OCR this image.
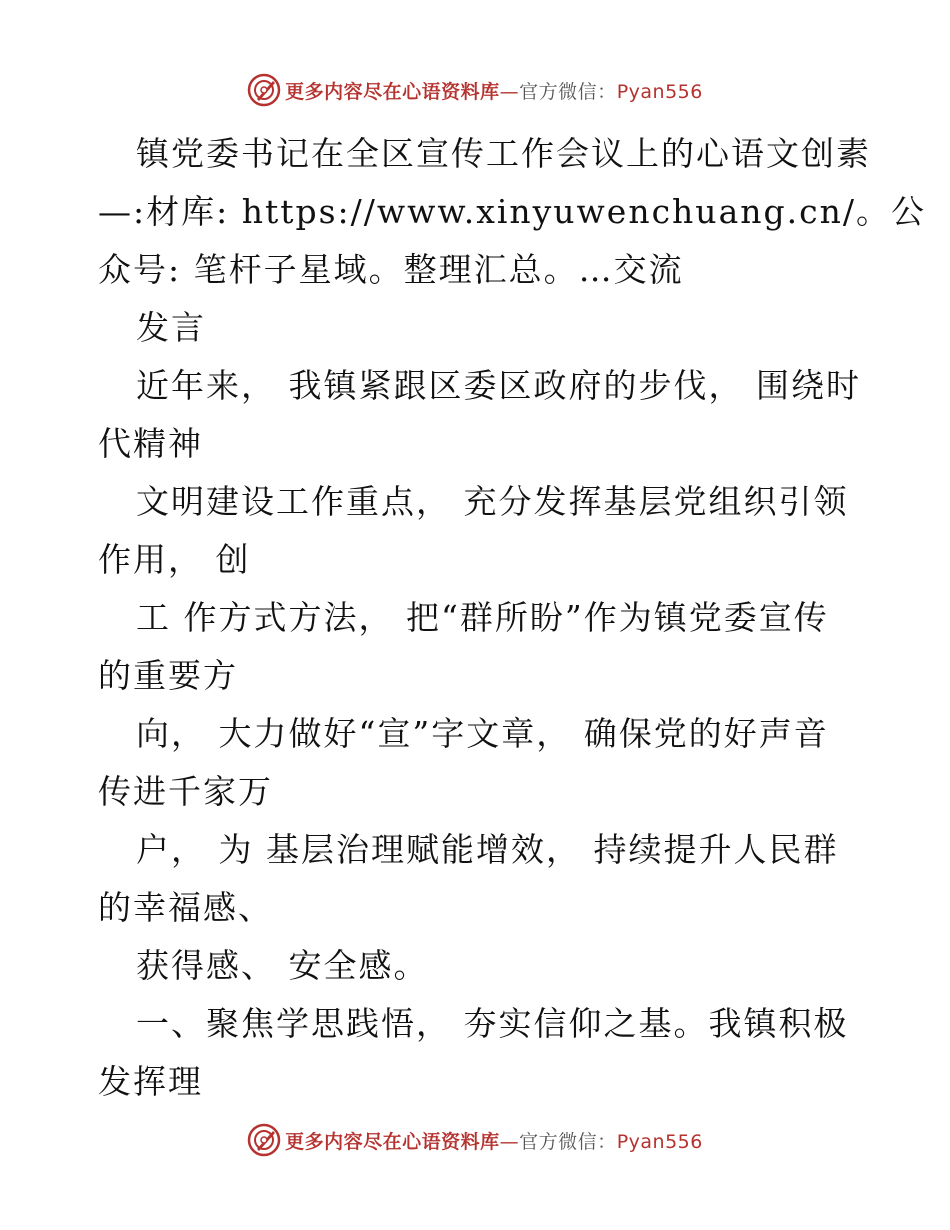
更多内容尽在心语资料库—官方微信：Pyan556
镇党委书记在全区宣传工作会议上的心语文创素
—:材库: https://www.xinyuwenchuang.cn/。公
众号: 笔杆子星域。整理汇总。…交流
发言
近年来， 我镇紧跟区委区政府的步伐， 围绕时
代精神
文明建设工作重点， 充分发挥基层党组织引领
作用， 创
工 作方式方法， 把“群所盼”作为镇党委宣传
的重要方
向， 大力做好“宣”字文章， 确保党的好声音
传进千家万
户， 为 基层治理赋能增效， 持续提升人民群
的幸福感、
获得感、 安全感。
一、聚焦学思践悟， 夯实信仰之基。我镇积极
发挥理
更多内容尽在心语资料库—官方微信：Pyan556
